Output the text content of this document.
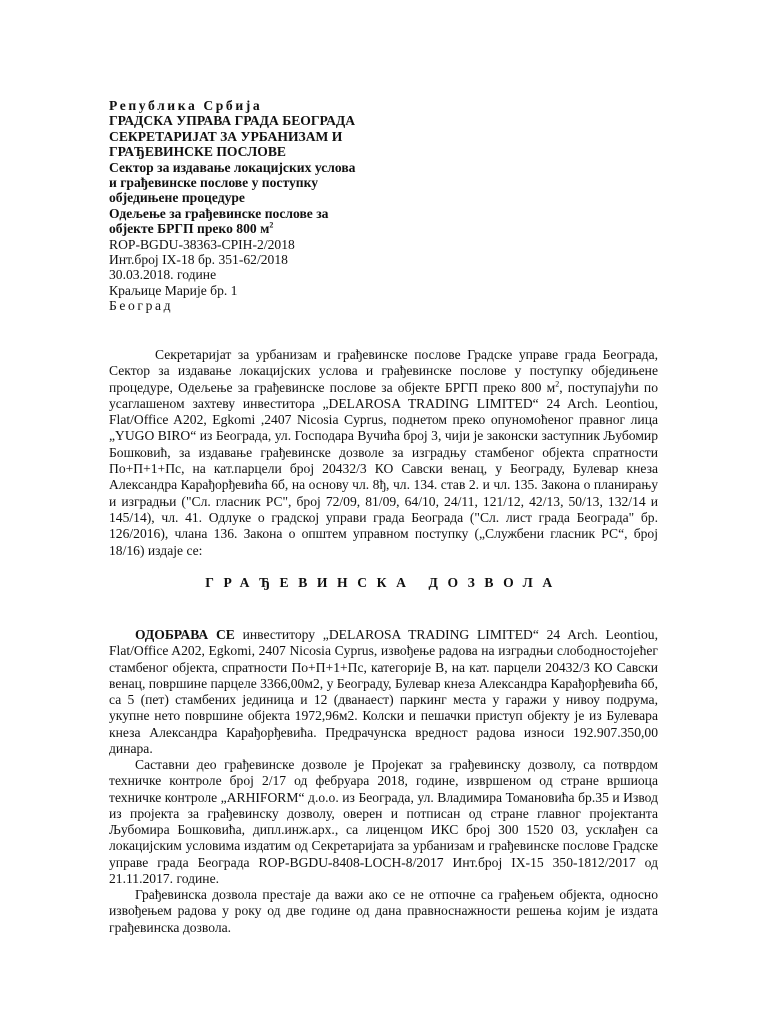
Република Србија
ГРАДСКА УПРАВА ГРАДА БЕОГРАДА
СЕКРЕТАРИЈАТ ЗА УРБАНИЗАМ И
ГРАЂЕВИНСКЕ ПОСЛОВЕ
Сектор за издавање локацијских услова
и грађевинске послове у поступку
обједињене процедуре
Одељење за грађевинске послове за
објекте БРГП преко 800 $м^2$
ROP-BGDU-38363-CPIH-2/2018
Инт.број IX-18 бр. 351-62/2018
30.03.2018. године
Краљице Марије бр. 1
Београд
Секретаријат за урбанизам и грађевинске послове Градске управе града Београда, Сектор за издавање локацијских услова и грађевинске послове у поступку обједињене процедуре, Одељење за грађевинске послове за објекте БРГП преко 800 $м^2$, поступајући по усаглашеном захтеву инвеститора „DELAROSA TRADING LIMITED“ 24 Arch. Leontiou, Flat/Office A202, Egkomi ,2407 Nicosia Cyprus, поднетом преко опуномоћеног правног лица „YUGO BIRO“ из Београда, ул. Господара Вучића број 3, чији је законски заступник Љубомир Бошковић, за издавање грађевинске дозволе за изградњу стамбеног објекта спратности По+П+1+Пс, на кат.парцели број 20432/3 КО Савски венац, у Београду, Булевар кнеза Александра Карађорђевића 6б, на основу чл. 8ђ, чл. 134. став 2. и чл. 135. Закона о планирању и изградњи ("Сл. гласник РС", број 72/09, 81/09, 64/10, 24/11, 121/12, 42/13, 50/13, 132/14 и 145/14), чл. 41. Одлуке о градској управи града Београда ("Сл. лист града Београда" бр. 126/2016), члана 136. Закона о општем управном поступку („Службени гласник РС“, број 18/16) издаје се:
ГРАЂЕВИНСКА ДОЗВОЛА
ОДОБРАВА СЕ инвеститору „DELAROSA TRADING LIMITED“ 24 Arch. Leontiou, Flat/Office A202, Egkomi, 2407 Nicosia Cyprus, извођење радова на изградњи слободностојећег стамбеног објекта, спратности По+П+1+Пс, категорије В, на кат. парцели 20432/3 КО Савски венац, површине парцеле 3366,00м2, у Београду, Булевар кнеза Александра Карађорђевића 6б, са 5 (пет) стамбених јединица и 12 (дванаест) паркинг места у гаражи у нивоу подрума, укупне нето површине објекта 1972,96м2. Колски и пешачки приступ објекту је из Булевара кнеза Александра Карађорђевића. Предрачунска вредност радова износи 192.907.350,00 динара.
Саставни део грађевинске дозволе је Пројекат за грађевинску дозволу, са потврдом техничке контроле број 2/17 од фебруара 2018, године, извршеном од стране вршиоца техничке контроле „ARHIFORM“ д.о.о. из Београда, ул. Владимира Томановића бр.35 и Извод из пројекта за грађевинску дозволу, оверен и потписан од стране главног пројектанта Љубомира Бошковића, дипл.инж.арх., са лиценцом ИКС број 300 1520 03, усклађен са локацијским условима издатим од Секретаријата за урбанизам и грађевинске послове Градске управе града Београда ROP-BGDU-8408-LOCH-8/2017 Инт.број IX-15 350-1812/2017 од 21.11.2017. године.
Грађевинска дозвола престаје да важи ако се не отпочне са грађењем објекта, односно извођењем радова у року од две године од дана правноснажности решења којим је издата грађевинска дозвола.
